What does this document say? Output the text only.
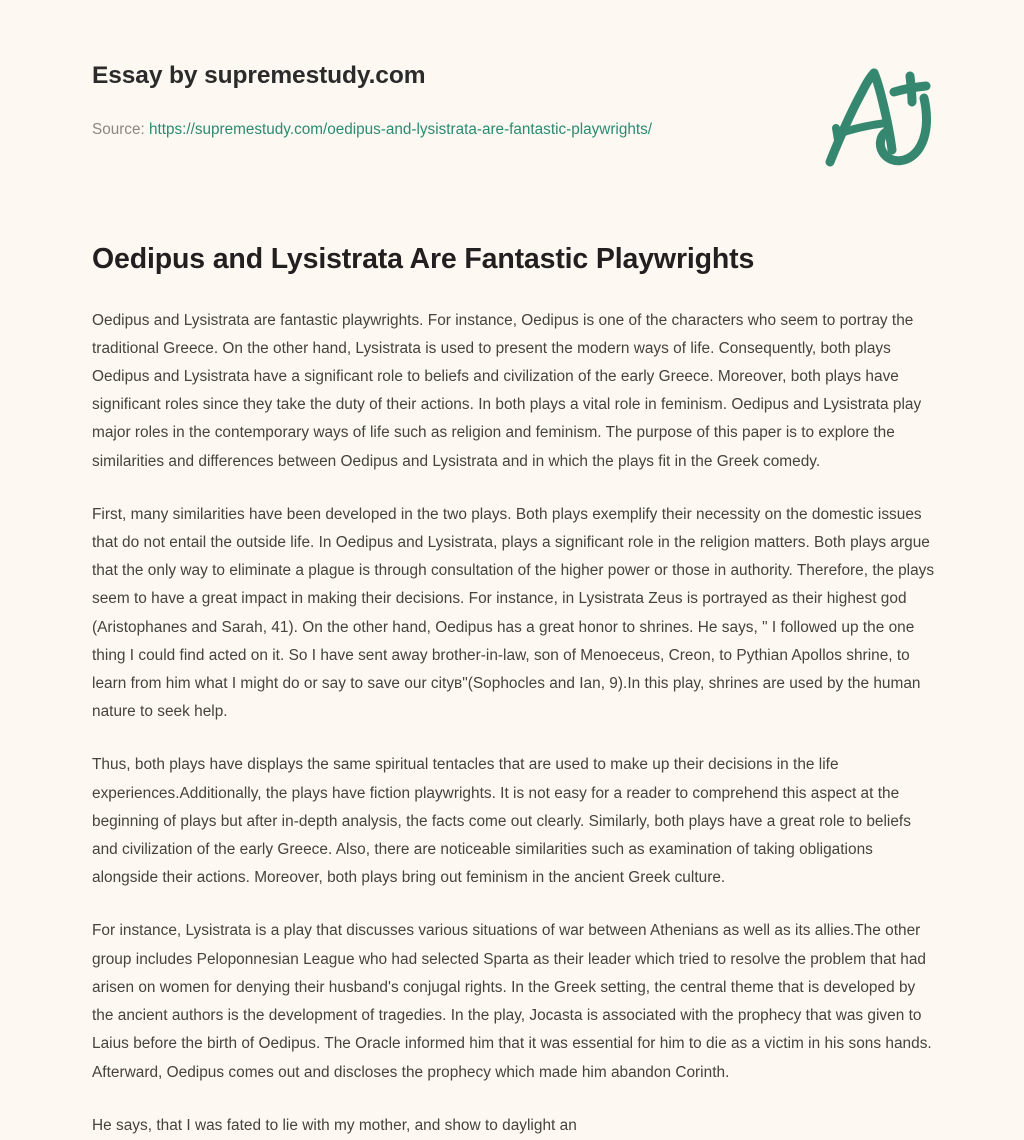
Essay by supremestudy.com
Source: https://supremestudy.com/oedipus-and-lysistrata-are-fantastic-playwrights/
Oedipus and Lysistrata Are Fantastic Playwrights

Oedipus and Lysistrata are fantastic playwrights. For instance, Oedipus is one of the characters who seem to portray the traditional Greece. On the other hand, Lysistrata is used to present the modern ways of life. Consequently, both plays Oedipus and Lysistrata have a significant role to beliefs and civilization of the early Greece. Moreover, both plays have significant roles since they take the duty of their actions. In both plays a vital role in feminism. Oedipus and Lysistrata play major roles in the contemporary ways of life such as religion and feminism. The purpose of this paper is to explore the similarities and differences between Oedipus and Lysistrata and in which the plays fit in the Greek comedy.

First, many similarities have been developed in the two plays. Both plays exemplify their necessity on the domestic issues that do not entail the outside life. In Oedipus and Lysistrata, plays a significant role in the religion matters. Both plays argue that the only way to eliminate a plague is through consultation of the higher power or those in authority. Therefore, the plays seem to have a great impact in making their decisions. For instance, in Lysistrata Zeus is portrayed as their highest god (Aristophanes and Sarah, 41). On the other hand, Oedipus has a great honor to shrines. He says, " I followed up the one thing I could find acted on it. So I have sent away brother-in-law, son of Menoeceus, Creon, to Pythian Apollos shrine, to learn from him what I might do or say to save our cityв"(Sophocles and Ian, 9).In this play, shrines are used by the human nature to seek help.

Thus, both plays have displays the same spiritual tentacles that are used to make up their decisions in the life experiences.Additionally, the plays have fiction playwrights. It is not easy for a reader to comprehend this aspect at the beginning of plays but after in-depth analysis, the facts come out clearly. Similarly, both plays have a great role to beliefs and civilization of the early Greece. Also, there are noticeable similarities such as examination of taking obligations alongside their actions. Moreover, both plays bring out feminism in the ancient Greek culture.

For instance, Lysistrata is a play that discusses various situations of war between Athenians as well as its allies.The other group includes Peloponnesian League who had selected Sparta as their leader which tried to resolve the problem that had arisen on women for denying their husband's conjugal rights. In the Greek setting, the central theme that is developed by the ancient authors is the development of tragedies. In the play, Jocasta is associated with the prophecy that was given to Laius before the birth of Oedipus. The Oracle informed him that it was essential for him to die as a victim in his sons hands. Afterward, Oedipus comes out and discloses the prophecy which made him abandon Corinth.

He says, that I was fated to lie with my mother, and show to daylight an
